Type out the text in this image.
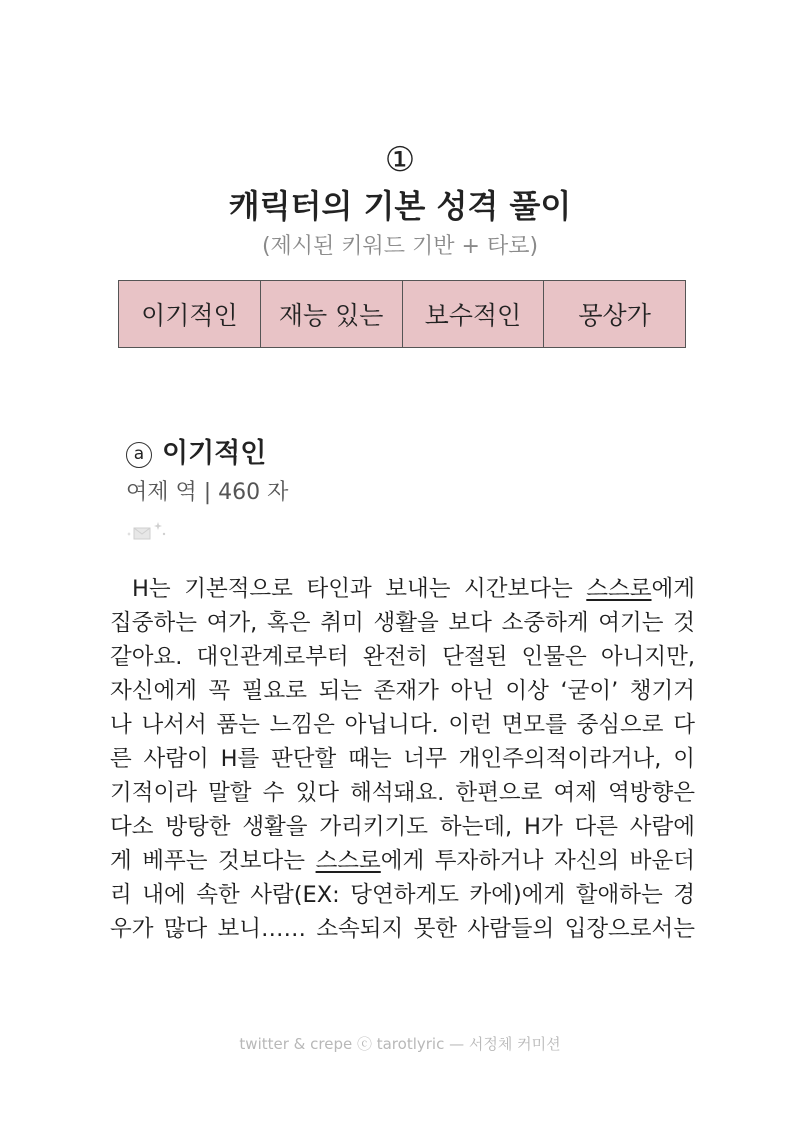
①
캐릭터의 기본 성격 풀이
(제시된 키워드 기반 + 타로)
이기적인	재능 있는	보수적인	몽상가
a 이기적인
여제 역 | 460 자
H는 기본적으로 타인과 보내는 시간보다는 스스로에게
집중하는 여가, 혹은 취미 생활을 보다 소중하게 여기는 것
같아요. 대인관계로부터 완전히 단절된 인물은 아니지만,
자신에게 꼭 필요로 되는 존재가 아닌 이상 ‘굳이’ 챙기거
나 나서서 품는 느낌은 아닙니다. 이런 면모를 중심으로 다
른 사람이 H를 판단할 때는 너무 개인주의적이라거나, 이
기적이라 말할 수 있다 해석돼요. 한편으로 여제 역방향은
다소 방탕한 생활을 가리키기도 하는데, H가 다른 사람에
게 베푸는 것보다는 스스로에게 투자하거나 자신의 바운더
리 내에 속한 사람(EX: 당연하게도 카에)에게 할애하는 경
우가 많다 보니…… 소속되지 못한 사람들의 입장으로서는
twitter & crepe ⓒ tarotlyric — 서정체 커미션
